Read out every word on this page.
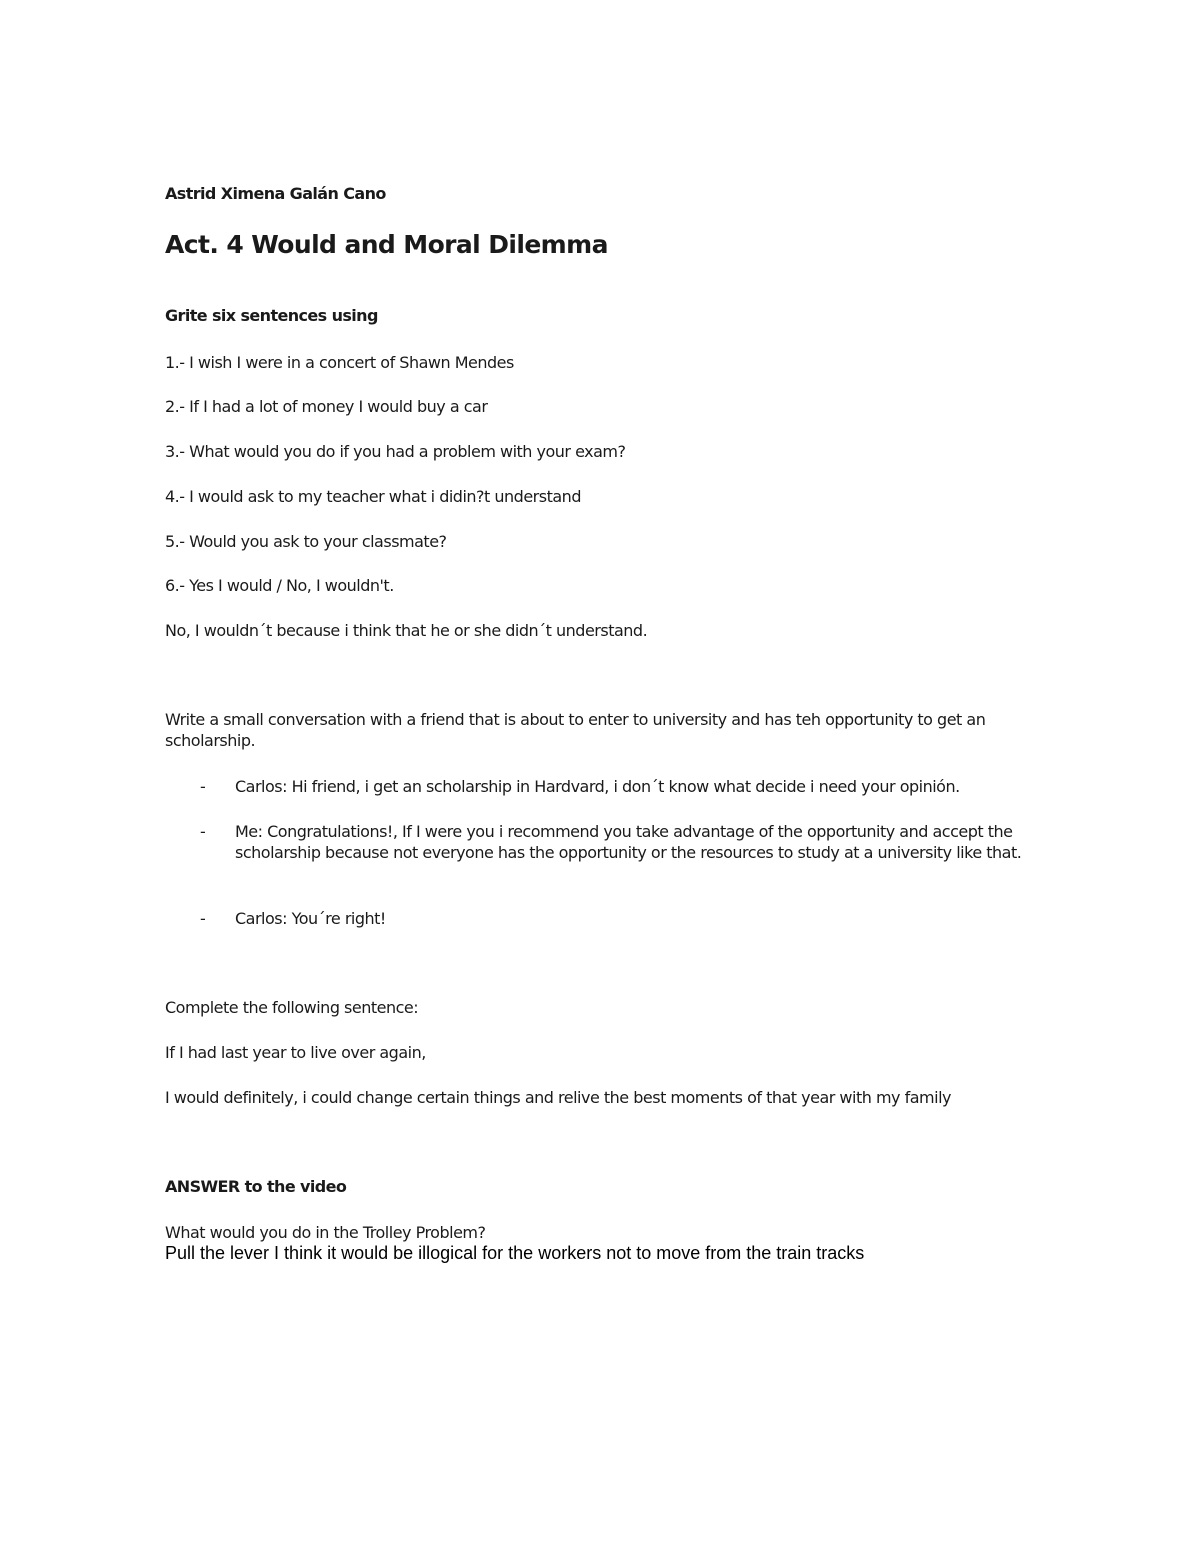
Astrid Ximena Galán Cano

Act. 4 Would and Moral Dilemma

Grite six sentences using

1.- I wish I were in a concert of Shawn Mendes

2.- If I had a lot of money I would buy a car

3.- What would you do if you had a problem with your exam?

4.- I would ask to my teacher what i didin?t understand

5.- Would you ask to your classmate?

6.- Yes I would / No, I wouldn't.

No, I wouldn´t because i think that he or she didn´t understand.

Write a small conversation with a friend that is about to enter to university and has teh opportunity to get an scholarship.

- Carlos: Hi friend, i get an scholarship in Hardvard, i don´t know what decide i need your opinión.
- Me: Congratulations!, If I were you i recommend you take advantage of the opportunity and accept the scholarship because not everyone has the opportunity or the resources to study at a university like that.
- Carlos: You´re right!

Complete the following sentence:

If I had last year to live over again,

I would definitely, i could change certain things and relive the best moments of that year with my family

ANSWER to the video

What would you do in the Trolley Problem?

Pull the lever I think it would be illogical for the workers not to move from the train tracks
